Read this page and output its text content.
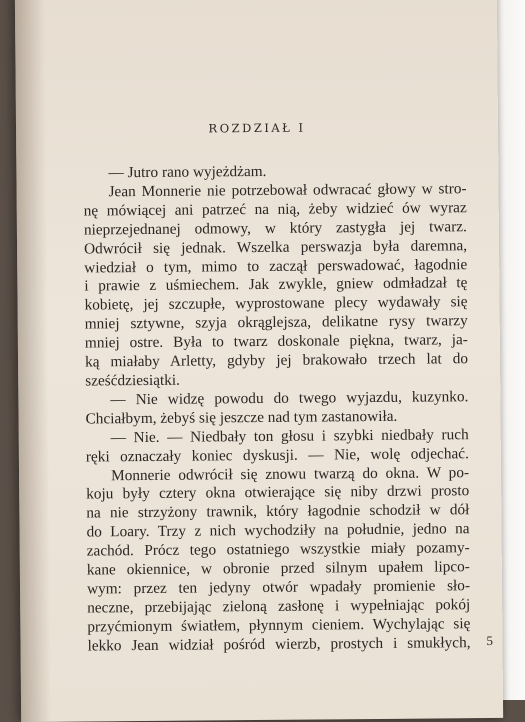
ROZDZIAŁ I
— Jutro rano wyjeżdżam.
Jean Monnerie nie potrzebował odwracać głowy w stro-
nę mówiącej ani patrzeć na nią, żeby widzieć ów wyraz
nieprzejednanej odmowy, w który zastygła jej twarz.
Odwrócił się jednak. Wszelka perswazja była daremna,
wiedział o tym, mimo to zaczął perswadować, łagodnie
i prawie z uśmiechem. Jak zwykle, gniew odmładzał tę
kobietę, jej szczupłe, wyprostowane plecy wydawały się
mniej sztywne, szyja okrąglejsza, delikatne rysy twarzy
mniej ostre. Była to twarz doskonale piękna, twarz, ja-
ką miałaby Arletty, gdyby jej brakowało trzech lat do
sześćdziesiątki.
— Nie widzę powodu do twego wyjazdu, kuzynko.
Chciałbym, żebyś się jeszcze nad tym zastanowiła.
— Nie. — Niedbały ton głosu i szybki niedbały ruch
ręki oznaczały koniec dyskusji. — Nie, wolę odjechać.
Monnerie odwrócił się znowu twarzą do okna. W po-
koju były cztery okna otwierające się niby drzwi prosto
na nie strzyżony trawnik, który łagodnie schodził w dół
do Loary. Trzy z nich wychodziły na południe, jedno na
zachód. Prócz tego ostatniego wszystkie miały pozamy-
kane okiennice, w obronie przed silnym upałem lipco-
wym: przez ten jedyny otwór wpadały promienie sło-
neczne, przebijając zieloną zasłonę i wypełniając pokój
przyćmionym światłem, płynnym cieniem. Wychylając się
lekko Jean widział pośród wierzb, prostych i smukłych, 5
